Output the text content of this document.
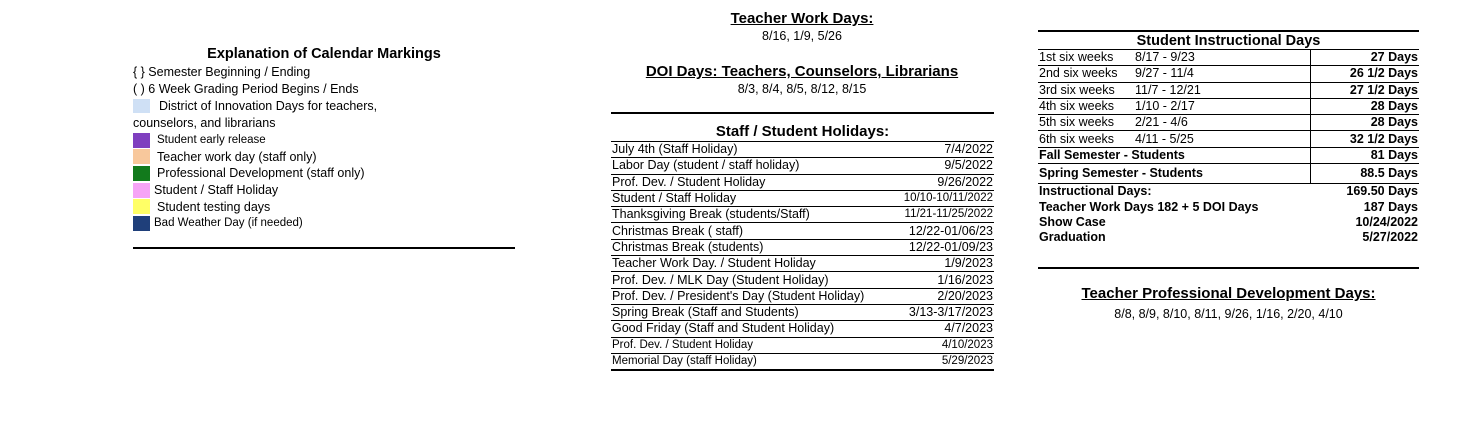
Explanation of Calendar Markings
{ } Semester Beginning / Ending
( ) 6 Week Grading Period Begins / Ends
District of Innovation Days for teachers,
counselors, and librarians
Student early release
Teacher work day (staff only)
Professional Development (staff only)
Student / Staff Holiday
Student testing days
Bad Weather Day (if needed)
Teacher Work Days:
8/16, 1/9, 5/26
DOI Days: Teachers, Counselors, Librarians
8/3, 8/4, 8/5, 8/12, 8/15
Staff / Student Holidays:
July 4th (Staff Holiday)	7/4/2022
Labor Day (student / staff holiday)	9/5/2022
Prof. Dev. / Student Holiday	9/26/2022
Student / Staff Holiday	10/10-10/11/2022
Thanksgiving Break (students/Staff)	11/21-11/25/2022
Christmas Break ( staff)	12/22-01/06/23
Christmas Break (students)	12/22-01/09/23
Teacher Work Day. / Student Holiday	1/9/2023
Prof. Dev. / MLK Day (Student Holiday)	1/16/2023
Prof. Dev. / President's Day (Student Holiday)	2/20/2023
Spring Break (Staff and Students)	3/13-3/17/2023
Good Friday (Staff and Student Holiday)	4/7/2023
Prof. Dev. / Student Holiday	4/10/2023
Memorial Day (staff Holiday)	5/29/2023
Student Instructional Days
1st six weeks	8/17 - 9/23	27 Days
2nd six weeks	9/27 - 11/4	26 1/2 Days
3rd six weeks	11/7 - 12/21	27 1/2 Days
4th six weeks	1/10 - 2/17	28 Days
5th six weeks	2/21 - 4/6	28 Days
6th six weeks	4/11 - 5/25	32 1/2 Days
Fall Semester - Students		81 Days
Spring Semester - Students		88.5 Days
Instructional Days:		169.50 Days
Teacher Work Days 182 + 5 DOI Days		187 Days
Show Case		10/24/2022
Graduation		5/27/2022
Teacher Professional Development Days:
8/8, 8/9, 8/10, 8/11, 9/26, 1/16, 2/20, 4/10
